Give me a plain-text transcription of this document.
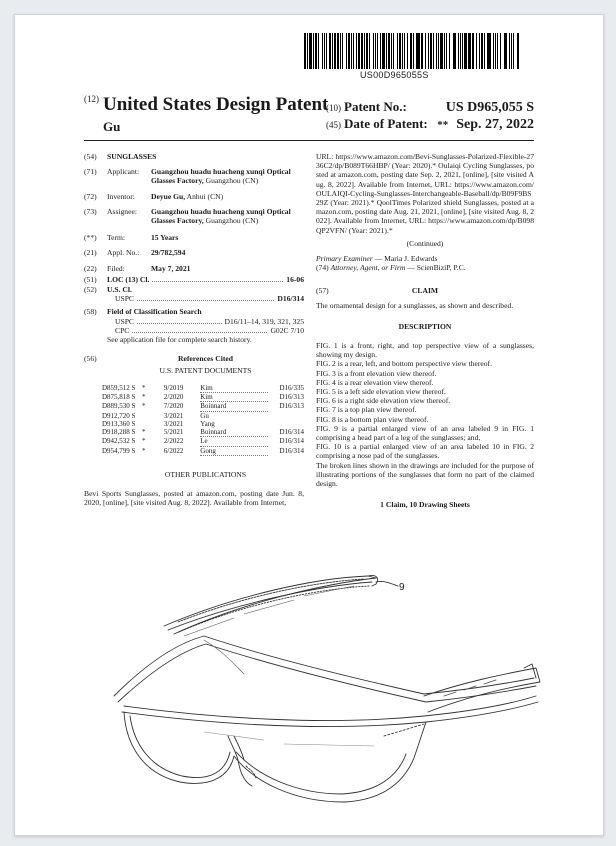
US00D965055S
$^{(12)}$ United States Design Patent
Gu
(10) Patent No.:	US D965,055 S
(45) Date of Patent: ** Sep. 27, 2022
(54)	SUNGLASSES
(71)	Applicant:	Guangzhou huadu huacheng xunqi Optical Glasses Factory, Guangzhou (CN)
(72)	Inventor:	Deyue Gu, Anhui (CN)
(73)	Assignee:	Guangzhou huadu huacheng xunqi Optical Glasses Factory, Guangzhou (CN)
(**)	Term:	15 Years
(21)	Appl. No.:	29/782,594
(22)	Filed:	May 7, 2021
(51)	LOC (13) Cl.	16-06
(52)	U.S. Cl.
USPC	D16/314
(58)	Field of Classification Search
USPC	D16/11–14, 319, 321, 325
CPC	G02C 7/10
See application file for complete search history.
(56)	References Cited
U.S. PATENT DOCUMENTS
D859,512 S *	9/2019	Kim	D16/335
D875,818 S *	2/2020	Kim	D16/313
D889,530 S *	7/2020	Boinnard	D16/313
D912,720 S	3/2021	Gu
D913,360 S	3/2021	Yang
D918,288 S *	5/2021	Boinnard	D16/314
D942,532 S *	2/2022	Le	D16/314
D954,799 S *	6/2022	Gong	D16/314
OTHER PUBLICATIONS
Bevi Sports Sunglasses, posted at amazon.com, posting date Jun. 8, 2020, [online], [site visited Aug. 8, 2022]. Available from Internet,
URL: https://www.amazon.com/Bevi-Sunglasses-Polarized-Flexible-2736C2/dp/B089T66HBP/ (Year: 2020).* Oulaiqi Cycling Sunglasses, posted at amazon.com, posting date Sep. 2, 2021, [online], [site visited Aug. 8, 2022]. Available from Internet, URL: https://www.amazon.com/OULAIQI-Cycling-Sunglasses-Interchangeable-Baseball/dp/B09F9BS29Z (Year: 2021).* QoolTimes Polarized shield Sunglasses, posted at amazon.com, posting date Aug. 21, 2021, [online], [site visited Aug. 8, 2022]. Available from Internet, URL: https://www.amazon.com/dp/B098QP2VFN/ (Year: 2021).*
(Continued)
Primary Examiner — Maria J. Edwards
(74) Attorney, Agent, or Firm — ScienBiziP, P.C.
(57)	CLAIM
The ornamental design for a sunglasses, as shown and described.
DESCRIPTION
FIG. 1 is a front, right, and top perspective view of a sunglasses, showing my design.
FIG. 2 is a rear, left, and bottom perspective view thereof.
FIG. 3 is a front elevation view thereof.
FIG. 4 is a rear elevation view thereof.
FIG. 5 is a left side elevation view thereof.
FIG. 6 is a right side elevation view thereof.
FIG. 7 is a top plan view thereof.
FIG. 8 is a bottom plan view thereof.
FIG. 9 is a partial enlarged view of an area labeled 9 in FIG. 1 comprising a head part of a leg of the sunglasses; and,
FIG. 10 is a partial enlarged view of an area labeled 10 in FIG. 2 comprising a nose pad of the sunglasses.
The broken lines shown in the drawings are included for the purpose of illustrating portions of the sunglasses that form no part of the claimed design.
1 Claim, 10 Drawing Sheets
9
